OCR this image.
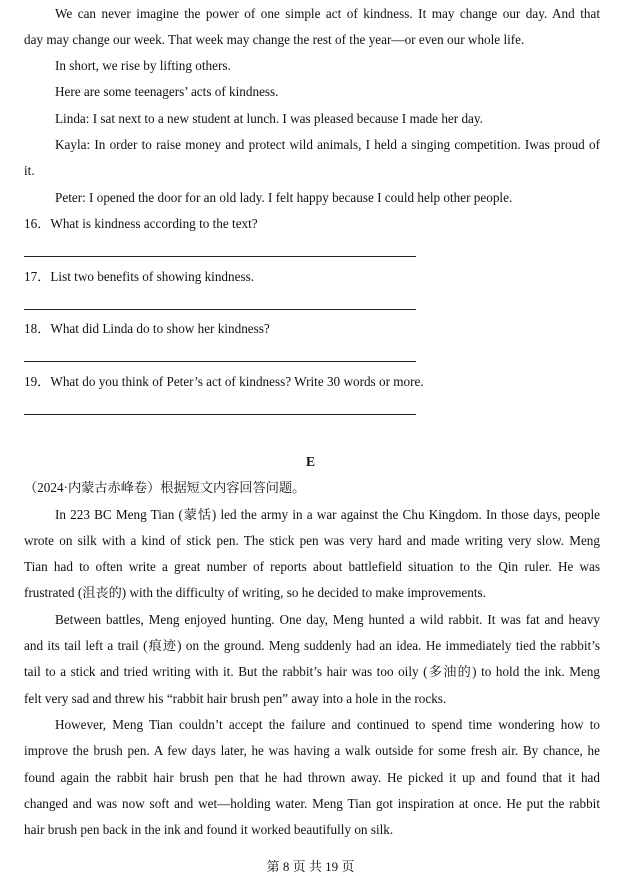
We can never imagine the power of one simple act of kindness. It may change our day. And that
day may change our week. That week may change the rest of the year—or even our whole life.
In short, we rise by lifting others.
Here are some teenagers’ acts of kindness.
Linda: I sat next to a new student at lunch. I was pleased because I made her day.
Kayla: In order to raise money and protect wild animals, I held a singing competition. Iwas proud of
it.
Peter: I opened the door for an old lady. I felt happy because I could help other people.
16．What is kindness according to the text?
17．List two benefits of showing kindness.
18．What did Linda do to show her kindness?
19．What do you think of Peter’s act of kindness? Write 30 words or more.
E
（2024·内蒙古赤峰卷）根据短文内容回答问题。
In 223 BC Meng Tian (蒙恬) led the army in a war against the Chu Kingdom. In those days, people
wrote on silk with a kind of stick pen. The stick pen was very hard and made writing very slow. Meng
Tian had to often write a great number of reports about battlefield situation to the Qin ruler. He was
frustrated (沮丧的) with the difficulty of writing, so he decided to make improvements.
Between battles, Meng enjoyed hunting. One day, Meng hunted a wild rabbit. It was fat and heavy
and its tail left a trail (痕迹) on the ground. Meng suddenly had an idea. He immediately tied the rabbit’s
tail to a stick and tried writing with it. But the rabbit’s hair was too oily (多油的) to hold the ink. Meng
felt very sad and threw his “rabbit hair brush pen” away into a hole in the rocks.
However, Meng Tian couldn’t accept the failure and continued to spend time wondering how to
improve the brush pen. A few days later, he was having a walk outside for some fresh air. By chance, he
found again the rabbit hair brush pen that he had thrown away. He picked it up and found that it had
changed and was now soft and wet—holding water. Meng Tian got inspiration at once. He put the rabbit
hair brush pen back in the ink and found it worked beautifully on silk.
第 8 页 共 19 页
